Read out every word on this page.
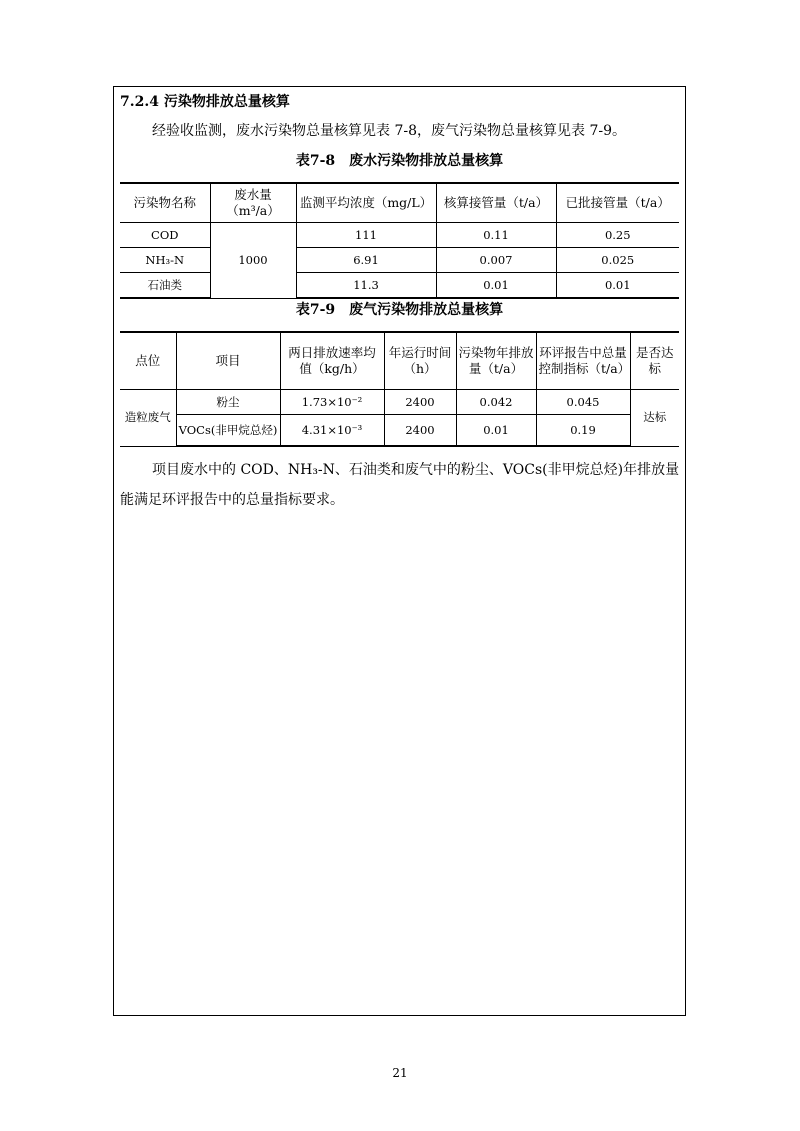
7.2.4 污染物排放总量核算
经验收监测，废水污染物总量核算见表 7-8，废气污染物总量核算见表 7-9。
表7-8　废水污染物排放总量核算
污染物名称	废水量（m³/a）	监测平均浓度（mg/L）	核算接管量（t/a）	已批接管量（t/a）
COD	1000	111	0.11	0.25
NH₃-N		6.91	0.007	0.025
石油类		11.3	0.01	0.01
表7-9　废气污染物排放总量核算
点位	项目	两日排放速率均值（kg/h）	年运行时间（h）	污染物年排放量（t/a）	环评报告中总量控制指标（t/a）	是否达标
造粒废气	粉尘	1.73×10⁻²	2400	0.042	0.045	达标
	VOCs(非甲烷总烃)	4.31×10⁻³	2400	0.01	0.19	
项目废水中的 COD、NH₃-N、石油类和废气中的粉尘、VOCs(非甲烷总烃)年排放量能满足环评报告中的总量指标要求。
21
